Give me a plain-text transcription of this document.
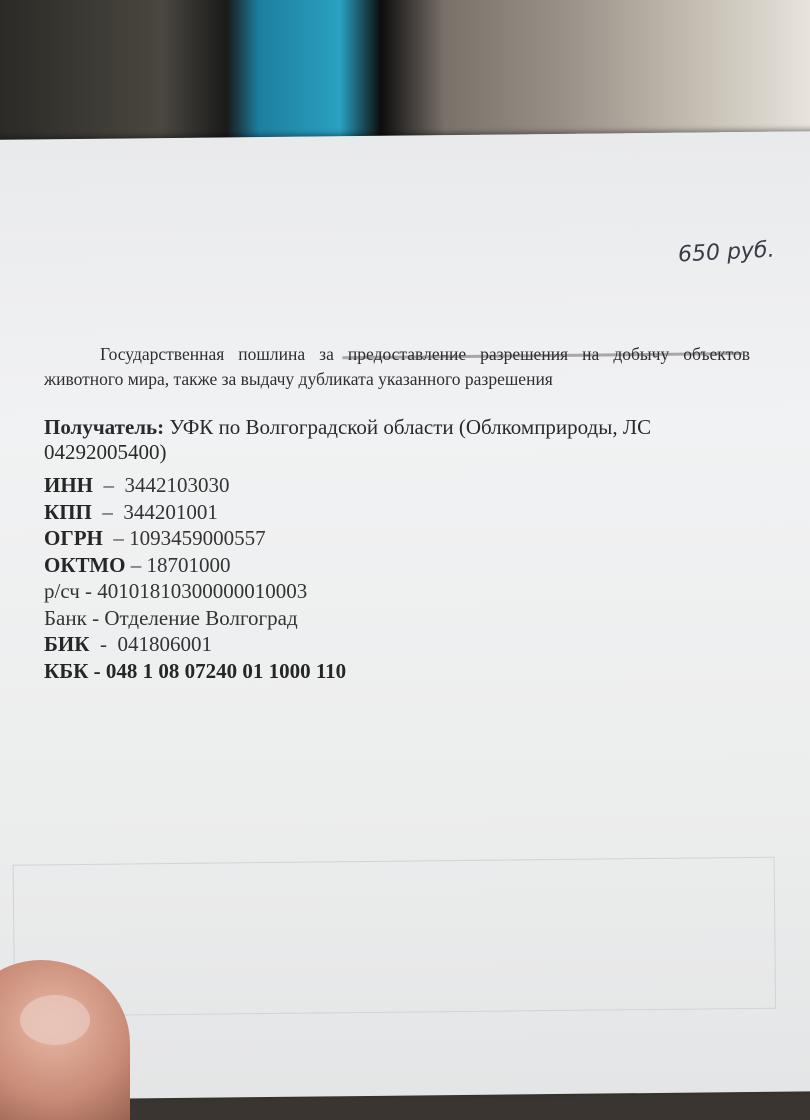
650 руб.
Государственная пошлина за предоставление разрешения на добычу объектов животного мира, также за выдачу дубликата указанного разрешения
Получатель: УФК по Волгоградской области (Облкомприроды, ЛС 04292005400)
ИНН  –  3442103030
КПП  –  344201001
ОГРН  – 1093459000557
ОКТМО – 18701000
р/сч - 40101810300000010003
Банк - Отделение Волгоград
БИК  -  041806001
КБК - 048 1 08 07240 01 1000 110
